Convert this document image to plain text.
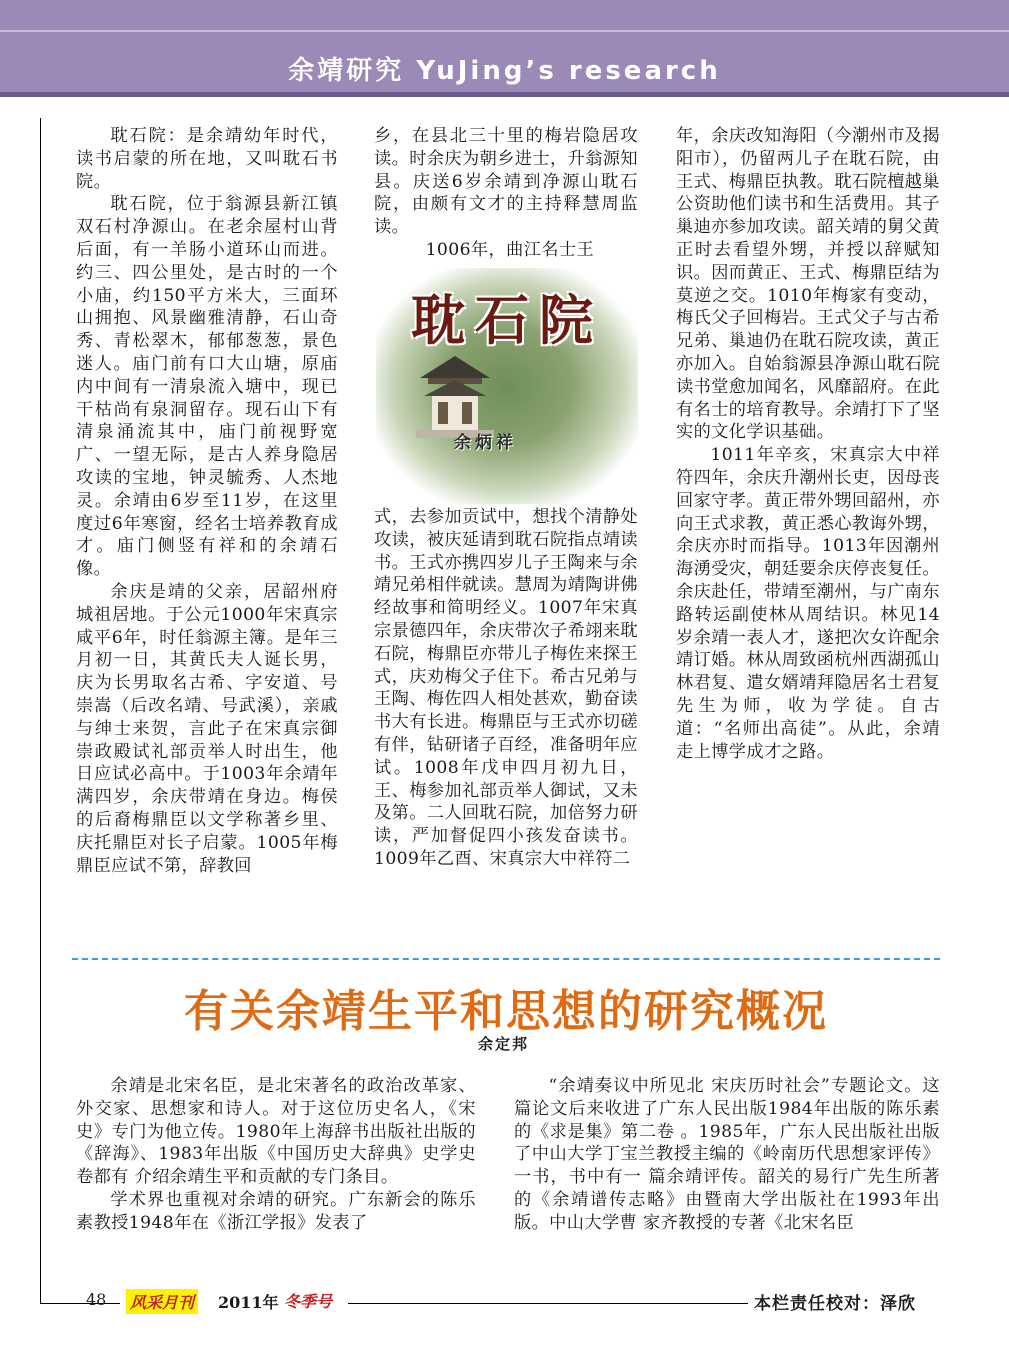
余靖研究 YuJing’s research

耽石院：是余靖幼年时代，读书启蒙的所在地，又叫耽石书院。

耽石院，位于翁源县新江镇双石村净源山。在老余屋村山背后面，有一羊肠小道环山而进。约三、四公里处，是古时的一个小庙，约150平方米大，三面环山拥抱、风景幽雅清静，石山奇秀、青松翠木，郁郁葱葱，景色迷人。庙门前有口大山塘，原庙内中间有一清泉流入塘中，现已干枯尚有泉洞留存。现石山下有清泉涌流其中，庙门前视野宽广、一望无际，是古人养身隐居攻读的宝地，钟灵毓秀、人杰地灵。余靖由6岁至11岁，在这里度过6年寒窗，经名士培养教育成才。庙门侧竖有祥和的余靖石像。

余庆是靖的父亲，居韶州府城祖居地。于公元1000年宋真宗咸平6年，时任翁源主簿。是年三月初一日，其黄氏夫人诞长男，庆为长男取名古希、字安道、号崇嵩（后改名靖、号武溪），亲戚与绅士来贺，言此子在宋真宗御崇政殿试礼部贡举人时出生，他日应试必高中。于1003年余靖年满四岁，余庆带靖在身边。梅侯的后裔梅鼎臣以文学称著乡里、庆托鼎臣对长子启蒙。1005年梅鼎臣应试不第，辞教回

乡，在县北三十里的梅岩隐居攻读。时余庆为朝乡进士，升翁源知县。庆送6岁余靖到净源山耽石院，由颇有文才的主持释慧周监读。

1006年，曲江名士王

耽石院
余炳祥

式，去参加贡试中，想找个清静处攻读，被庆延请到耽石院指点靖读书。王式亦携四岁儿子王陶来与余靖兄弟相伴就读。慧周为靖陶讲佛经故事和简明经义。1007年宋真宗景德四年，余庆带次子希翊来耽石院，梅鼎臣亦带儿子梅佐来探王式，庆劝梅父子住下。希古兄弟与王陶、梅佐四人相处甚欢，勤奋读书大有长进。梅鼎臣与王式亦切磋有伴，钻研诸子百经，准备明年应试。1008年戊申四月初九日，王、梅参加礼部贡举人御试，又未及第。二人回耽石院，加倍努力研读，严加督促四小孩发奋读书。1009年乙酉、宋真宗大中祥符二

年，余庆改知海阳（今潮州市及揭阳市），仍留两儿子在耽石院，由王式、梅鼎臣执教。耽石院檀越巢公资助他们读书和生活费用。其子巢迪亦参加攻读。韶关靖的舅父黄正时去看望外甥，并授以辞赋知识。因而黄正、王式、梅鼎臣结为莫逆之交。1010年梅家有变动，梅氏父子回梅岩。王式父子与古希兄弟、巢迪仍在耽石院攻读，黄正亦加入。自始翁源县净源山耽石院读书堂愈加闻名，风靡韶府。在此有名士的培育教导。余靖打下了坚实的文化学识基础。

1011年辛亥，宋真宗大中祥符四年，余庆升潮州长吏，因母丧回家守孝。黄正带外甥回韶州，亦向王式求教，黄正悉心教诲外甥，余庆亦时而指导。1013年因潮州海湧受灾，朝廷要余庆停丧复任。余庆赴任，带靖至潮州，与广南东路转运副使林从周结识。林见14岁余靖一表人才，遂把次女许配余靖订婚。林从周致函杭州西湖孤山林君复、遣女婿靖拜隐居名士君复先生为师，收为学徒。自古道：“名师出高徒”。从此，余靖走上博学成才之路。

有关余靖生平和思想的研究概况
余定邦

余靖是北宋名臣，是北宋著名的政治改革家、外交家、思想家和诗人。对于这位历史名人，《宋史》专门为他立传。1980年上海辞书出版社出版的《辞海》、1983年出版《中国历史大辞典》史学史卷都有 介绍余靖生平和贡献的专门条目。

学术界也重视对余靖的研究。广东新会的陈乐素教授1948年在《浙江学报》发表了

“余靖奏议中所见北 宋庆历时社会”专题论文。这篇论文后来收进了广东人民出版1984年出版的陈乐素的《求是集》第二卷 。1985年，广东人民出版社出版了中山大学丁宝兰教授主编的《岭南历代思想家评传》一书，书中有一 篇余靖评传。韶关的易行广先生所著的《余靖谱传志略》由暨南大学出版社在1993年出版。中山大学曹 家齐教授的专著《北宋名臣

48 风采月刊 2011年 冬季号	本栏责任校对：泽欣
